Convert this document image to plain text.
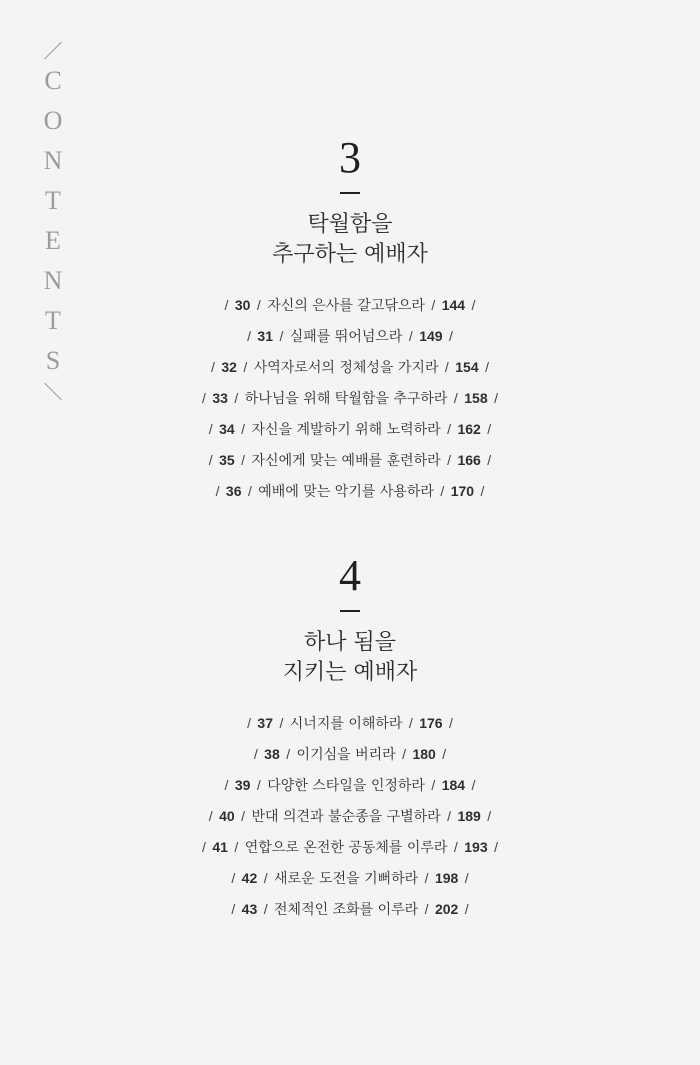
C
O
N
T
E
N
T
S
3
탁월함을
추구하는 예배자
/ 30 / 자신의 은사를 갈고닦으라 / 144 /
/ 31 / 실패를 뛰어넘으라 / 149 /
/ 32 / 사역자로서의 정체성을 가지라 / 154 /
/ 33 / 하나님을 위해 탁월함을 추구하라 / 158 /
/ 34 / 자신을 계발하기 위해 노력하라 / 162 /
/ 35 / 자신에게 맞는 예배를 훈련하라 / 166 /
/ 36 / 예배에 맞는 악기를 사용하라 / 170 /
4
하나 됨을
지키는 예배자
/ 37 / 시너지를 이해하라 / 176 /
/ 38 / 이기심을 버리라 / 180 /
/ 39 / 다양한 스타일을 인정하라 / 184 /
/ 40 / 반대 의견과 불순종을 구별하라 / 189 /
/ 41 / 연합으로 온전한 공동체를 이루라 / 193 /
/ 42 / 새로운 도전을 기뻐하라 / 198 /
/ 43 / 전체적인 조화를 이루라 / 202 /
